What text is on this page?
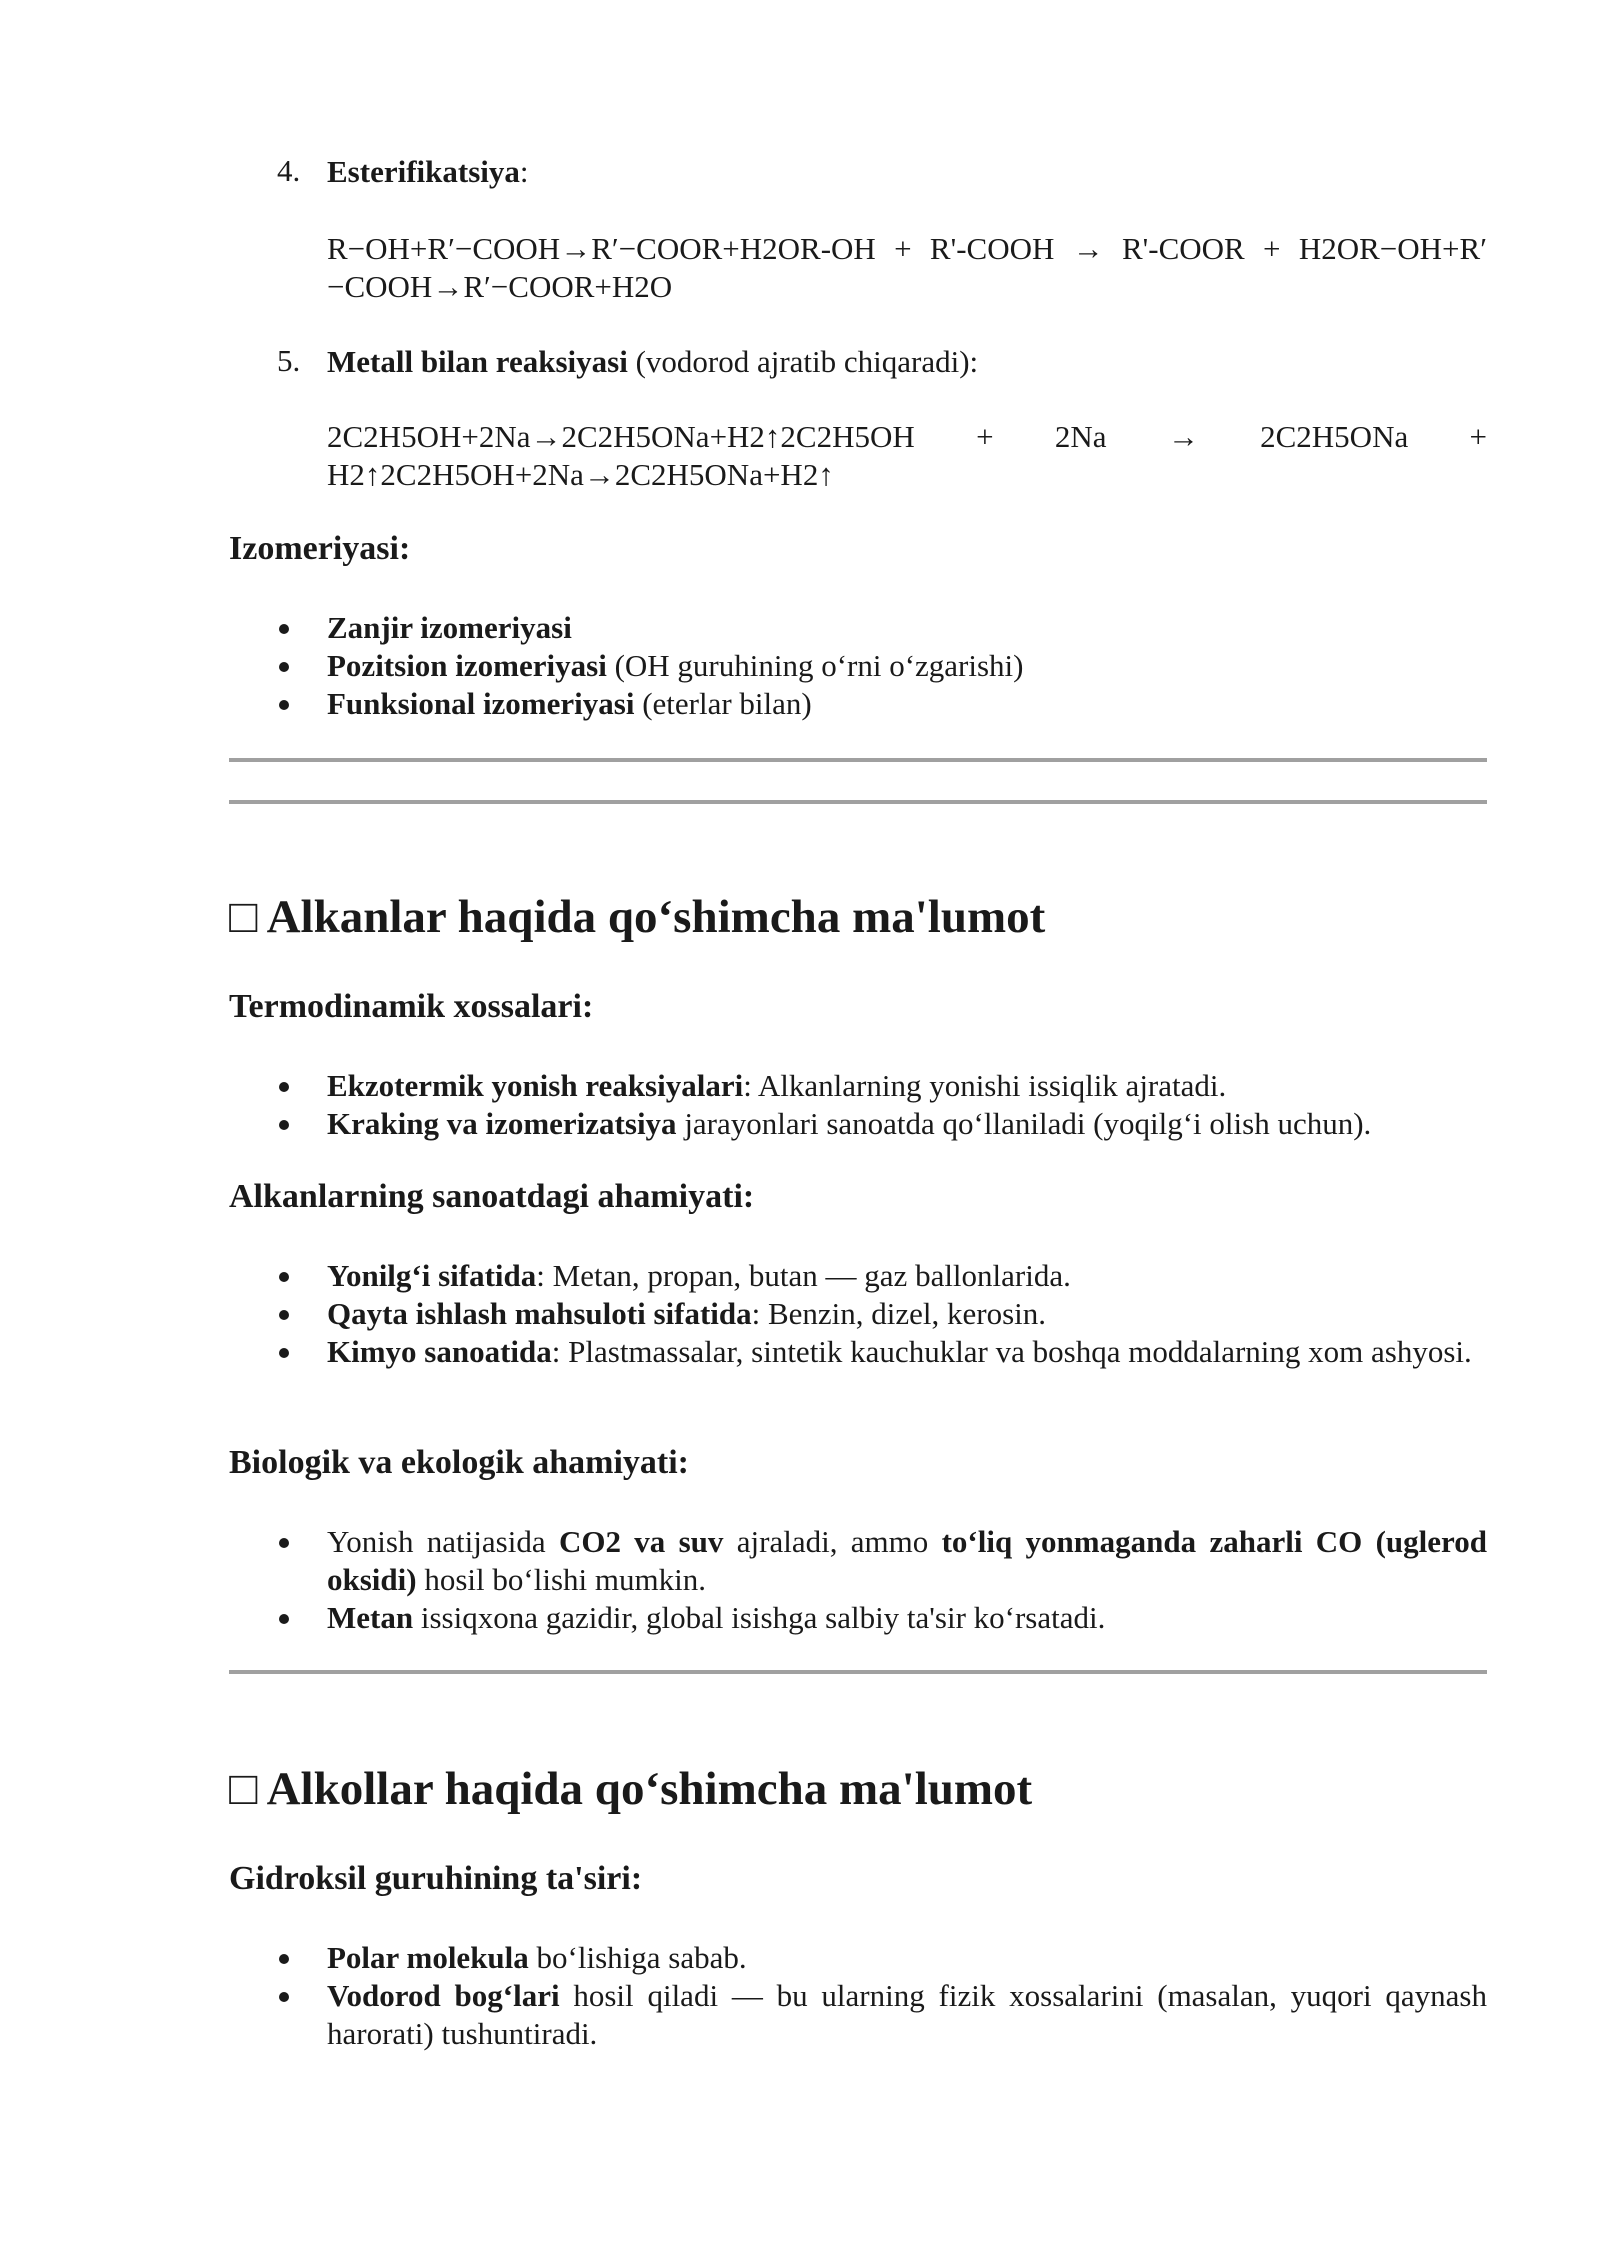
4. Esterifikatsiya:
R−OH+R′−COOH→R′−COOR+H2OR-OH + R'-COOH → R'-COOR + H2OR−OH+R′
−COOH→R′−COOR+H2O
5. Metall bilan reaksiyasi (vodorod ajratib chiqaradi):
2C2H5OH+2Na→2C2H5ONa+H2↑2C2H5OH + 2Na → 2C2H5ONa +
H2↑2C2H5OH+2Na→2C2H5ONa+H2↑
Izomeriyasi:
Zanjir izomeriyasi
Pozitsion izomeriyasi (OH guruhining o‘rni o‘zgarishi)
Funksional izomeriyasi (eterlar bilan)
□ Alkanlar haqida qo‘shimcha ma'lumot
Termodinamik xossalari:
Ekzotermik yonish reaksiyalari: Alkanlarning yonishi issiqlik ajratadi.
Kraking va izomerizatsiya jarayonlari sanoatda qo‘llaniladi (yoqilg‘i olish uchun).
Alkanlarning sanoatdagi ahamiyati:
Yonilg‘i sifatida: Metan, propan, butan — gaz ballonlarida.
Qayta ishlash mahsuloti sifatida: Benzin, dizel, kerosin.
Kimyo sanoatida: Plastmassalar, sintetik kauchuklar va boshqa moddalarning xom ashyosi.
Biologik va ekologik ahamiyati:
Yonish natijasida CO2 va suv ajraladi, ammo to‘liq yonmaganda zaharli CO (uglerod oksidi) hosil bo‘lishi mumkin.
Metan issiqxona gazidir, global isishga salbiy ta'sir ko‘rsatadi.
□ Alkollar haqida qo‘shimcha ma'lumot
Gidroksil guruhining ta'siri:
Polar molekula bo‘lishiga sabab.
Vodorod bog‘lari hosil qiladi — bu ularning fizik xossalarini (masalan, yuqori qaynash harorati) tushuntiradi.
